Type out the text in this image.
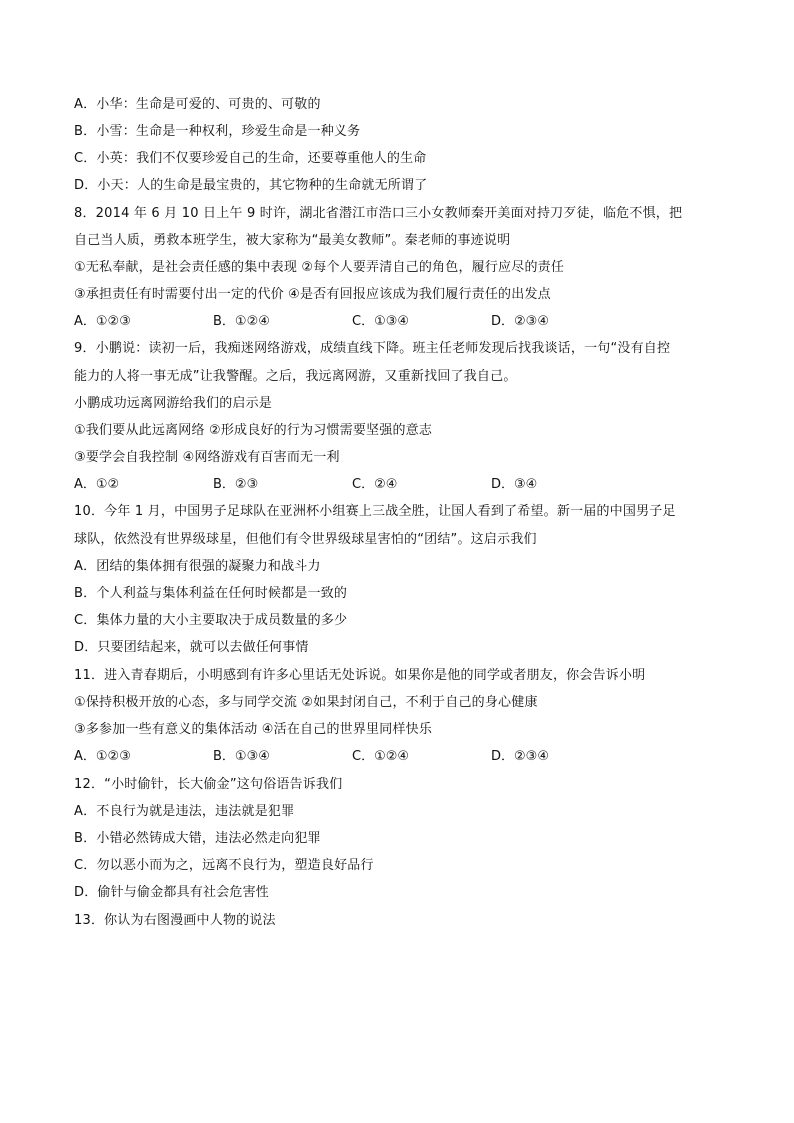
A．小华：生命是可爱的、可贵的、可敬的
B．小雪：生命是一种权利，珍爱生命是一种义务
C．小英：我们不仅要珍爱自己的生命，还要尊重他人的生命
D．小天：人的生命是最宝贵的，其它物种的生命就无所谓了
8．2014 年 6 月 10 日上午 9 时许，湖北省潜江市浩口三小女教师秦开美面对持刀歹徒，临危不惧，把
自己当人质，勇救本班学生，被大家称为“最美女教师”。秦老师的事迹说明
①无私奉献，是社会责任感的集中表现 ②每个人要弄清自己的角色，履行应尽的责任
③承担责任有时需要付出一定的代价 ④是否有回报应该成为我们履行责任的出发点
A．①②③	B．①②④	C．①③④	D．②③④
9．小鹏说：读初一后，我痴迷网络游戏，成绩直线下降。班主任老师发现后找我谈话，一句“没有自控
能力的人将一事无成”让我警醒。之后，我远离网游，又重新找回了我自己。
小鹏成功远离网游给我们的启示是
①我们要从此远离网络 ②形成良好的行为习惯需要坚强的意志
③要学会自我控制 ④网络游戏有百害而无一利
A．①②	B．②③	C．②④	D．③④
10．今年 1 月，中国男子足球队在亚洲杯小组赛上三战全胜，让国人看到了希望。新一届的中国男子足
球队，依然没有世界级球星，但他们有令世界级球星害怕的“团结”。这启示我们
A．团结的集体拥有很强的凝聚力和战斗力
B．个人利益与集体利益在任何时候都是一致的
C．集体力量的大小主要取决于成员数量的多少
D．只要团结起来，就可以去做任何事情
11．进入青春期后，小明感到有许多心里话无处诉说。如果你是他的同学或者朋友，你会告诉小明
①保持积极开放的心态，多与同学交流 ②如果封闭自己，不利于自己的身心健康
③多参加一些有意义的集体活动 ④活在自己的世界里同样快乐
A．①②③	B．①③④	C．①②④	D．②③④
12．“小时偷针，长大偷金”这句俗语告诉我们
A．不良行为就是违法，违法就是犯罪
B．小错必然铸成大错，违法必然走向犯罪
C．勿以恶小而为之，远离不良行为，塑造良好品行
D．偷针与偷金都具有社会危害性
13．你认为右图漫画中人物的说法
